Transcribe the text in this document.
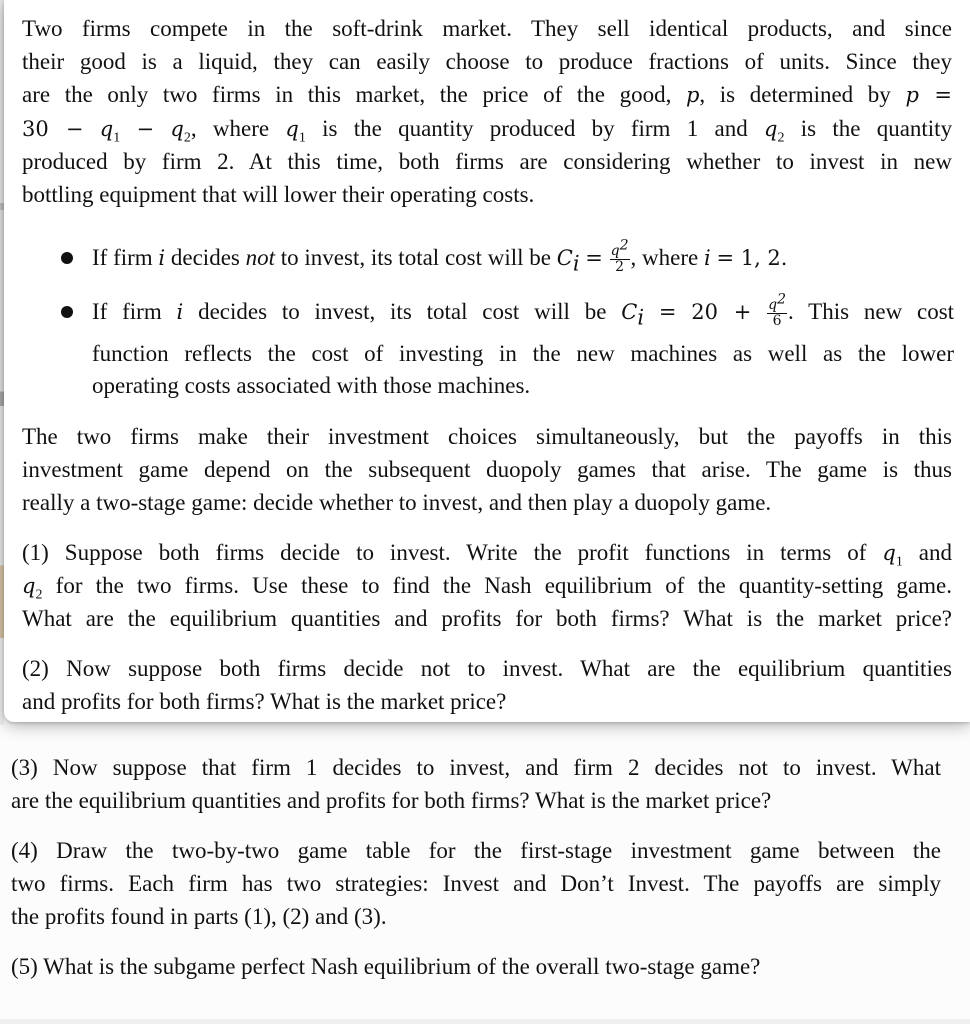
Two firms compete in the soft-drink market. They sell identical products, and since

their good is a liquid, they can easily choose to produce fractions of units. Since they

are the only two firms in this market, the price of the good, p, is determined by p =

$30 - q_1 - q_2$, where $q_1$ is the quantity produced by firm 1 and $q_2$ is the quantity

produced by firm 2. At this time, both firms are considering whether to invest in new

bottling equipment that will lower their operating costs.

If firm i decides not to invest, its total cost will be $C_i = \frac{q^2}{2}$ , where i = 1, 2.

If firm i decides to invest, its total cost will be $C_i = 20 + \frac{q^2}{6}$ . This new cost

function reflects the cost of investing in the new machines as well as the lower

operating costs associated with those machines.

The two firms make their investment choices simultaneously, but the payoffs in this

investment game depend on the subsequent duopoly games that arise. The game is thus

really a two-stage game: decide whether to invest, and then play a duopoly game.

(1) Suppose both firms decide to invest. Write the profit functions in terms of $q_1$ and

$q_2$ for the two firms. Use these to find the Nash equilibrium of the quantity-setting game.

What are the equilibrium quantities and profits for both firms? What is the market price?

(2) Now suppose both firms decide not to invest. What are the equilibrium quantities

and profits for both firms? What is the market price?

(3) Now suppose that firm 1 decides to invest, and firm 2 decides not to invest. What

are the equilibrium quantities and profits for both firms? What is the market price?

(4) Draw the two-by-two game table for the first-stage investment game between the

two firms. Each firm has two strategies: Invest and Don’t Invest. The payoffs are simply

the profits found in parts (1), (2) and (3).

(5) What is the subgame perfect Nash equilibrium of the overall two-stage game?
